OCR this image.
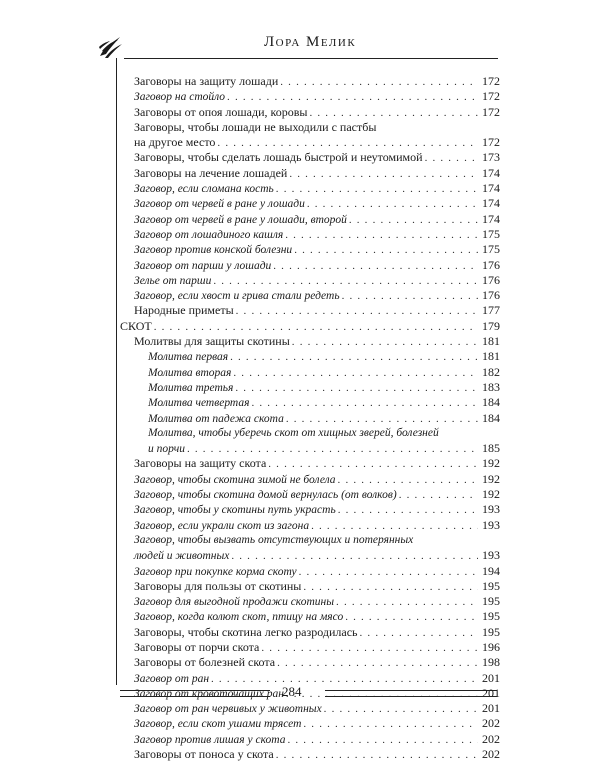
Лора Мелик
Заговоры на защиту лошади . . .	172
Заговор на стойло . . .	172
Заговоры от опоя лошади, коровы . . .	172
Заговоры, чтобы лошади не выходили с пастбы
на другое место . . .	172
Заговоры, чтобы сделать лошадь быстрой и неутомимой . . .	173
Заговоры на лечение лошадей . . .	174
Заговор, если сломана кость . . .	174
Заговор от червей в ране у лошади . . .	174
Заговор от червей в ране у лошади, второй . . .	174
Заговор от лошадиного кашля . . .	175
Заговор против конской болезни . . .	175
Заговор от парши у лошади . . .	176
Зелье от парши . . .	176
Заговор, если хвост и грива стали редеть . . .	176
Народные приметы . . .	177
СКОТ . . .	179
Молитвы для защиты скотины . . .	181
Молитва первая . . .	181
Молитва вторая . . .	182
Молитва третья . . .	183
Молитва четвертая . . .	184
Молитва от падежа скота . . .	184
Молитва, чтобы уберечь скот от хищных зверей, болезней
и порчи . . .	185
Заговоры на защиту скота . . .	192
Заговор, чтобы скотина зимой не болела . . .	192
Заговор, чтобы скотина домой вернулась (от волков) . . .	192
Заговор, чтобы у скотины путь украсть . . .	193
Заговор, если украли скот из загона . . .	193
Заговор, чтобы вызвать отсутствующих и потерянных
людей и животных . . .	193
Заговор при покупке корма скоту . . .	194
Заговоры для пользы от скотины . . .	195
Заговор для выгодной продажи скотины . . .	195
Заговор, когда колют скот, птицу на мясо . . .	195
Заговоры, чтобы скотина легко разродилась . . .	195
Заговоры от порчи скота . . .	196
Заговоры от болезней скота . . .	198
Заговор от ран . . .	201
Заговор от кровоточащих ран . . .	201
Заговор от ран червивых у животных . . .	201
Заговор, если скот ушами трясет . . .	202
Заговор против лишая у скота . . .	202
Заговоры от поноса у скота . . .	202
284
